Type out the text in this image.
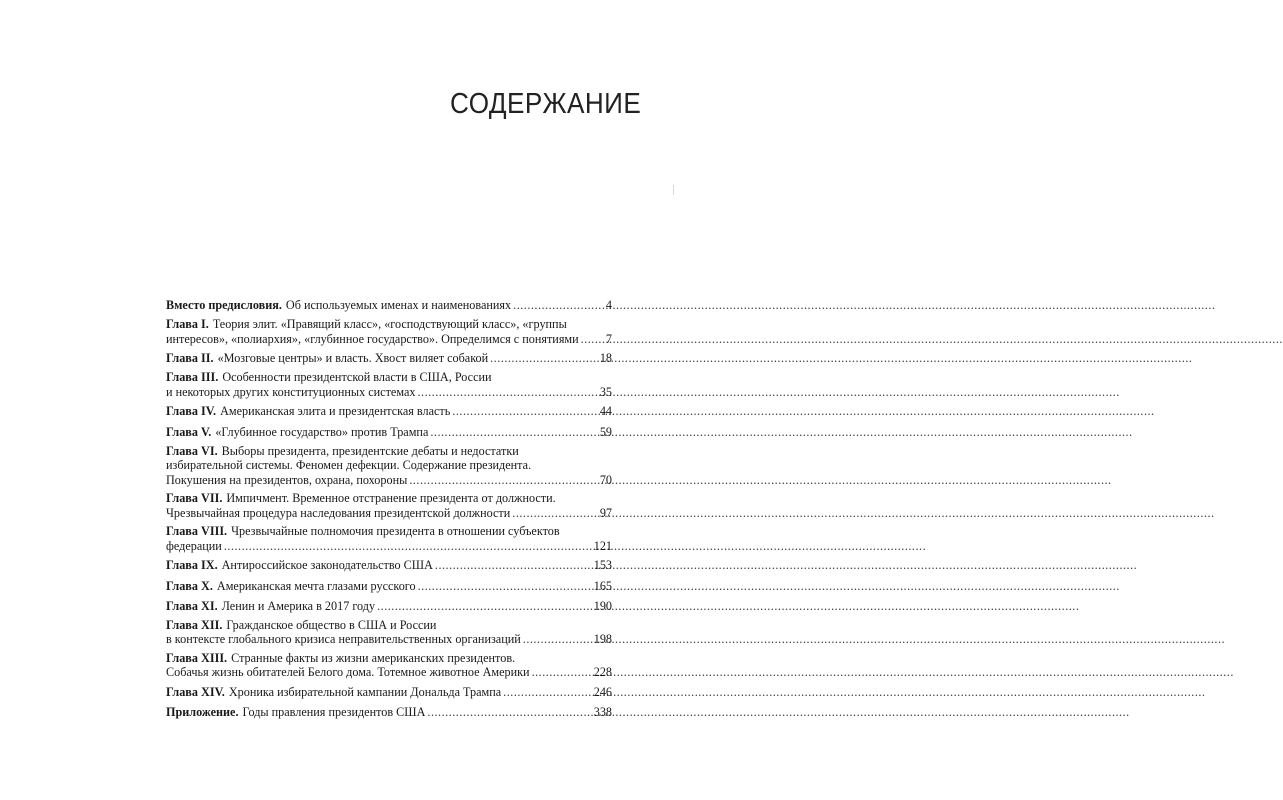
СОДЕРЖАНИЕ
Вместо предисловия. Об используемых именах и наименованиях .....	4
Глава I. Теория элит. «Правящий класс», «господствующий класс», «группы
интересов», «полиархия», «глубинное государство». Определимся с понятиями ..... 7
Глава II. «Мозговые центры» и власть. Хвост виляет собакой .....	18
Глава III. Особенности президентской власти в США, России
и некоторых других конституционных системах .....	35
Глава IV. Американская элита и президентская власть .....	44
Глава V. «Глубинное государство» против Трампа .....	59
Глава VI. Выборы президента, президентские дебаты и недостатки
избирательной системы. Феномен дефекции. Содержание президента.
Покушения на президентов, охрана, похороны .....	70
Глава VII. Импичмент. Временное отстранение президента от должности.
Чрезвычайная процедура наследования президентской должности .....	97
Глава VIII. Чрезвычайные полномочия президента в отношении субъектов
федерации .....	121
Глава IX. Антироссийское законодательство США .....	153
Глава X. Американская мечта глазами русского .....	165
Глава XI. Ленин и Америка в 2017 году .....	190
Глава XII. Гражданское общество в США и России
в контексте глобального кризиса неправительственных организаций .....	198
Глава XIII. Странные факты из жизни американских президентов.
Собачья жизнь обитателей Белого дома. Тотемное животное Америки .....	228
Глава XIV. Хроника избирательной кампании Дональда Трампа .....	246
Приложение. Годы правления президентов США .....	338
